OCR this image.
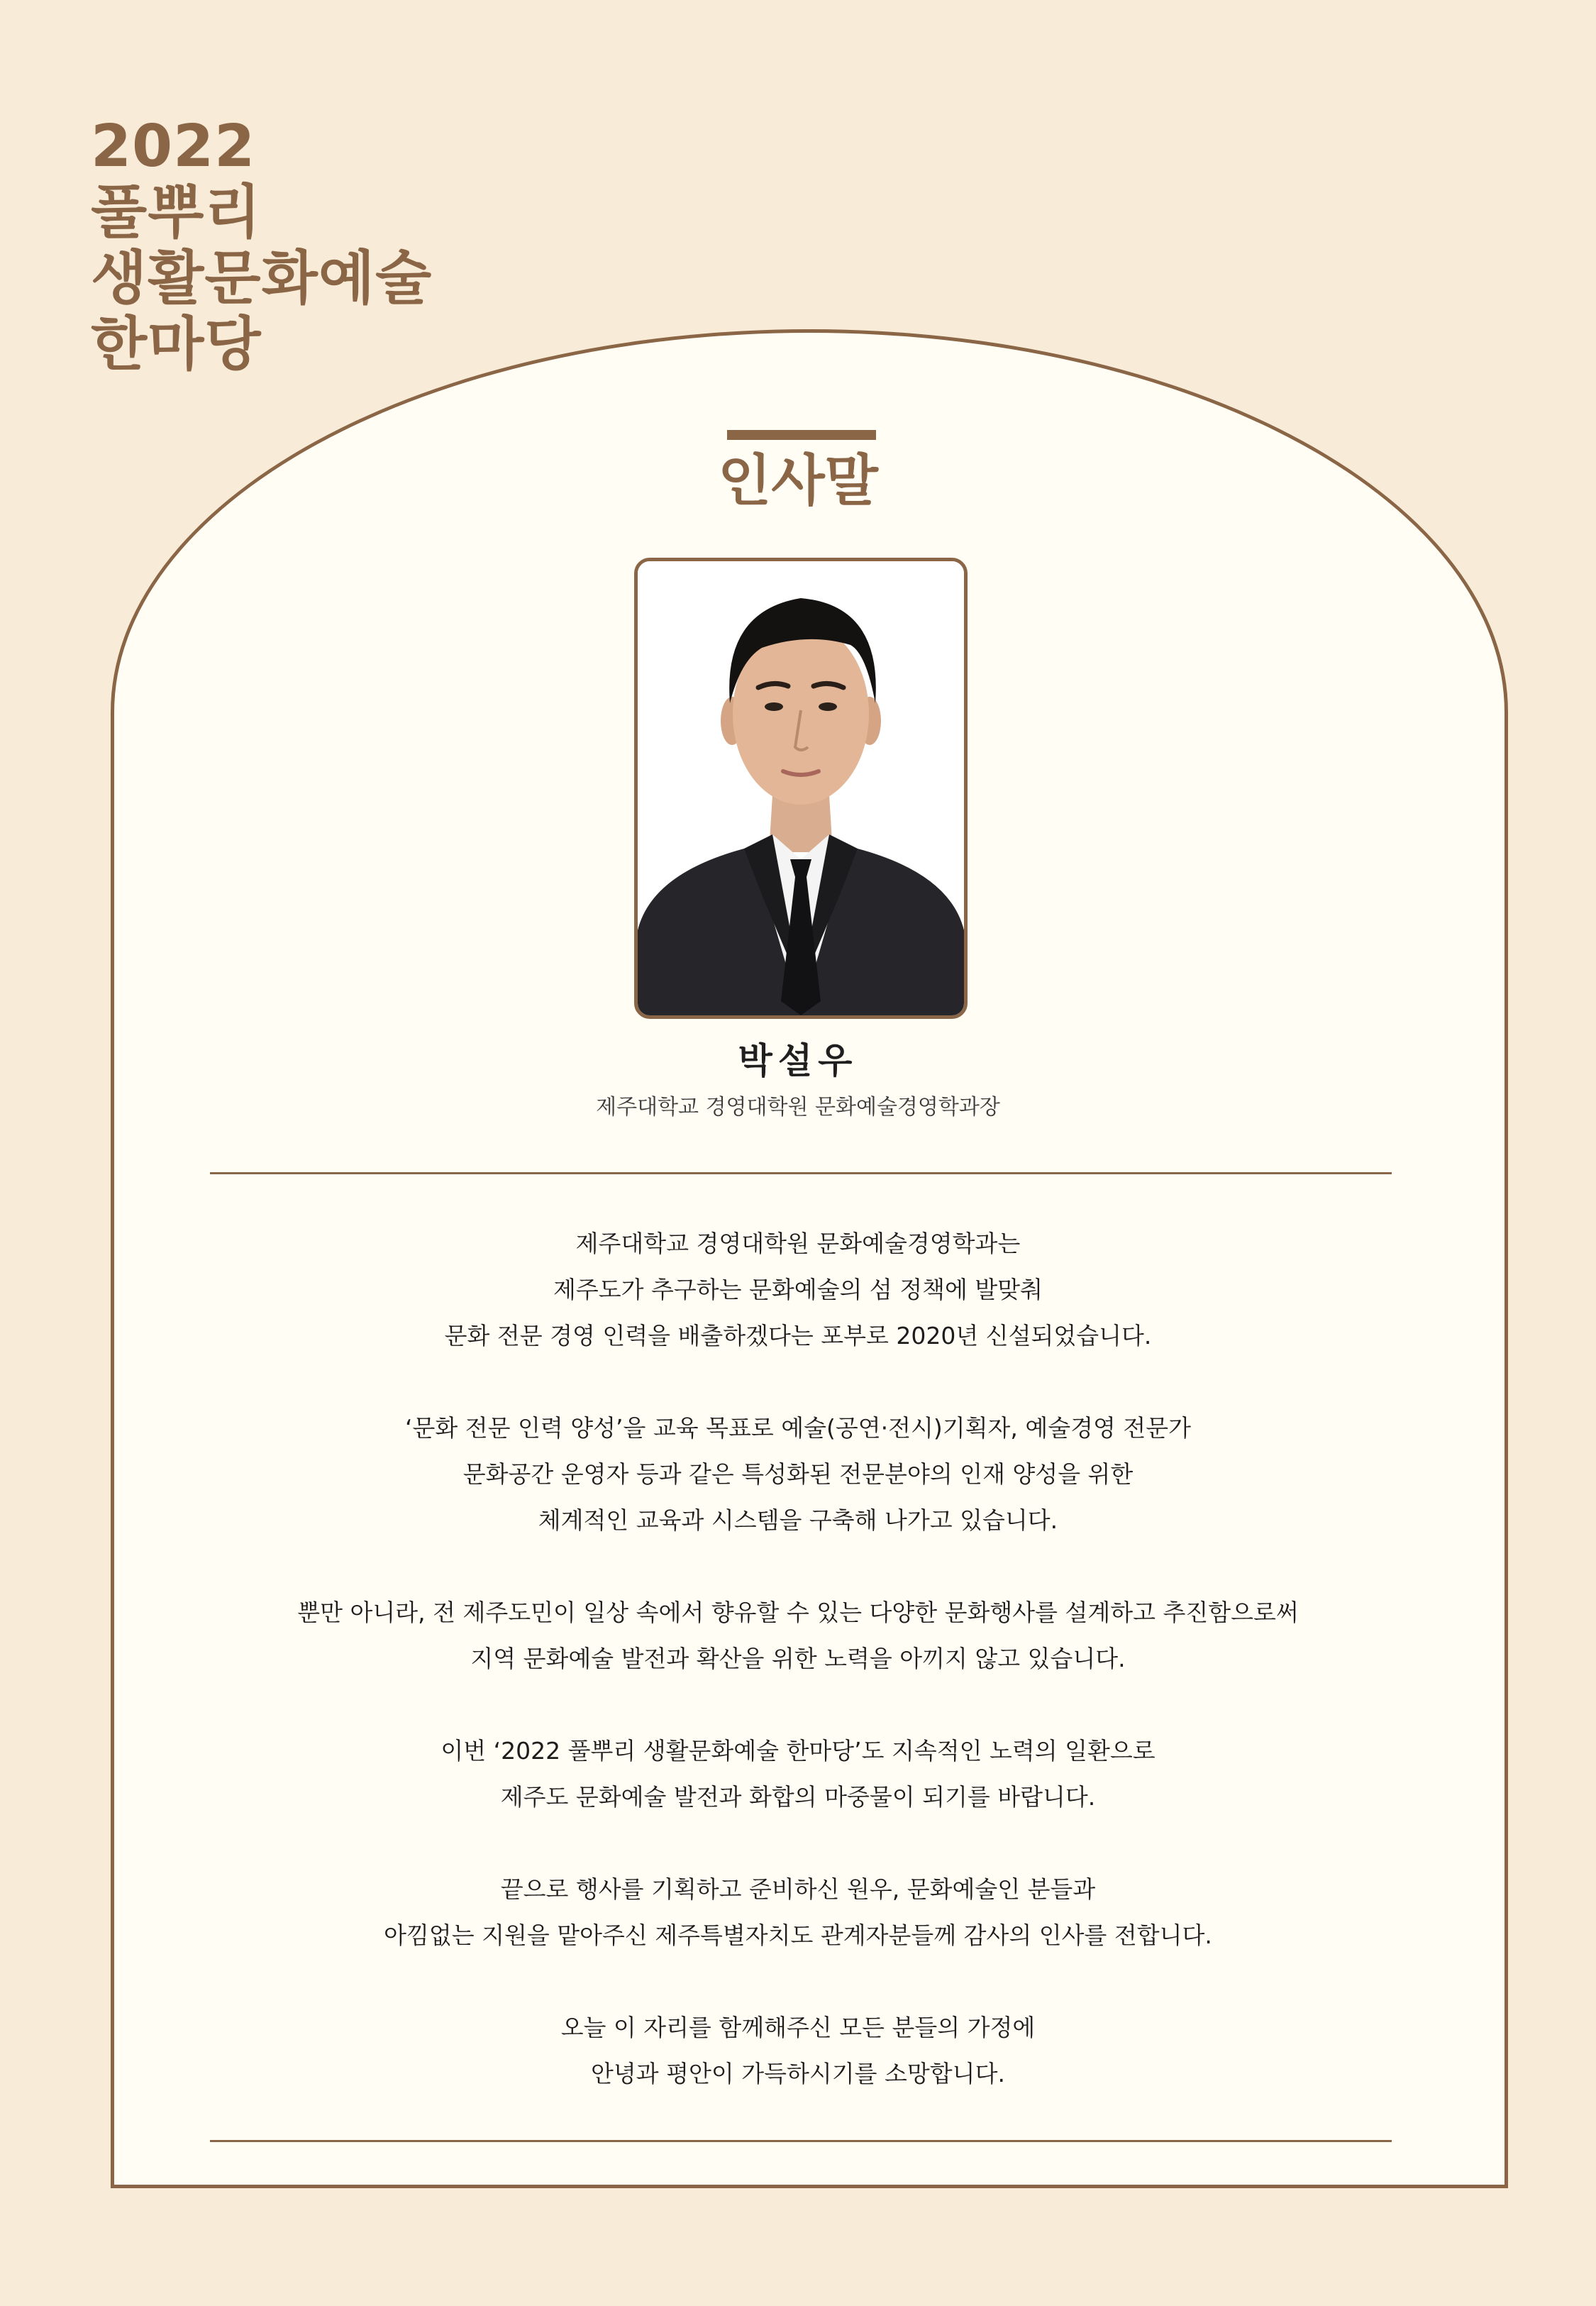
2022
풀뿌리
생활문화예술
한마당
인사말
박설우
제주대학교 경영대학원 문화예술경영학과장

제주대학교 경영대학원 문화예술경영학과는
제주도가 추구하는 문화예술의 섬 정책에 발맞춰
문화 전문 경영 인력을 배출하겠다는 포부로 2020년 신설되었습니다.

‘문화 전문 인력 양성’을 교육 목표로 예술(공연·전시)기획자, 예술경영 전문가
문화공간 운영자 등과 같은 특성화된 전문분야의 인재 양성을 위한
체계적인 교육과 시스템을 구축해 나가고 있습니다.

뿐만 아니라, 전 제주도민이 일상 속에서 향유할 수 있는 다양한 문화행사를 설계하고 추진함으로써
지역 문화예술 발전과 확산을 위한 노력을 아끼지 않고 있습니다.

이번 ‘2022 풀뿌리 생활문화예술 한마당’도 지속적인 노력의 일환으로
제주도 문화예술 발전과 화합의 마중물이 되기를 바랍니다.

끝으로 행사를 기획하고 준비하신 원우, 문화예술인 분들과
아낌없는 지원을 맡아주신 제주특별자치도 관계자분들께 감사의 인사를 전합니다.

오늘 이 자리를 함께해주신 모든 분들의 가정에
안녕과 평안이 가득하시기를 소망합니다.
